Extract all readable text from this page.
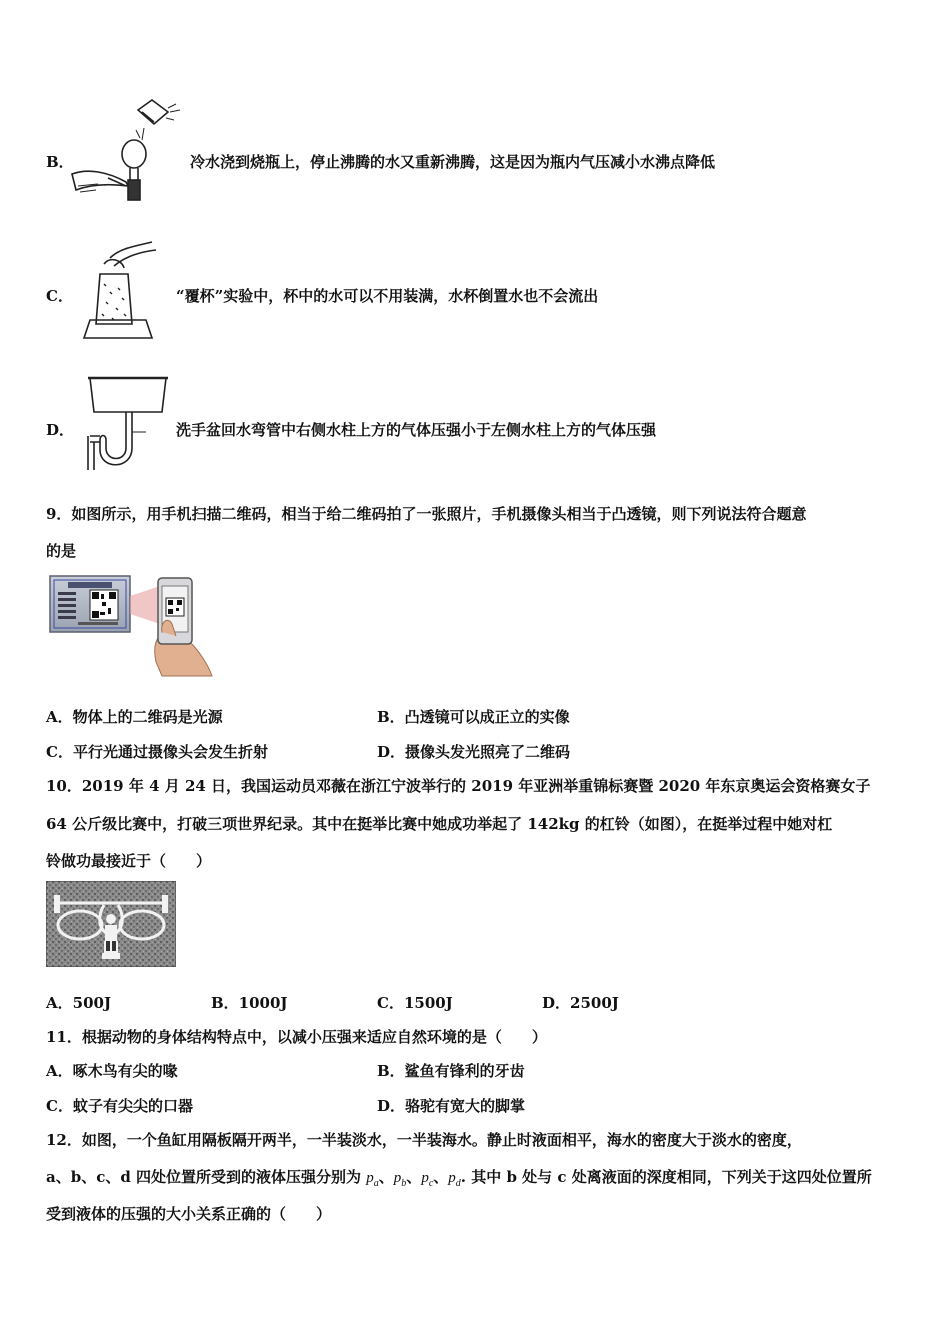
B．	冷水浇到烧瓶上，停止沸腾的水又重新沸腾，这是因为瓶内气压减小水沸点降低
C．	“覆杯”实验中，杯中的水可以不用装满，水杯倒置水也不会流出
D．	洗手盆回水弯管中右侧水柱上方的气体压强小于左侧水柱上方的气体压强
9．如图所示，用手机扫描二维码，相当于给二维码拍了一张照片，手机摄像头相当于凸透镜，则下列说法符合题意
的是
A．物体上的二维码是光源	B．凸透镜可以成正立的实像
C．平行光通过摄像头会发生折射	D．摄像头发光照亮了二维码
10．2019 年 4 月 24 日，我国运动员邓薇在浙江宁波举行的 2019 年亚洲举重锦标赛暨 2020 年东京奥运会资格赛女子
64 公斤级比赛中，打破三项世界纪录。其中在挺举比赛中她成功举起了 142kg 的杠铃（如图），在挺举过程中她对杠
铃做功最接近于（　　）
A．500J	B．1000J	C．1500J	D．2500J
11．根据动物的身体结构特点中，以减小压强来适应自然环境的是（　　）
A．啄木鸟有尖的喙	B．鲨鱼有锋利的牙齿
C．蚊子有尖尖的口器	D．骆驼有宽大的脚掌
12．如图，一个鱼缸用隔板隔开两半，一半装淡水，一半装海水。静止时液面相平，海水的密度大于淡水的密度，
a、b、c、d 四处位置所受到的液体压强分别为 $p_a$、$p_b$、$p_c$、$p_d$. 其中 b 处与 c 处离液面的深度相同，下列关于这四处位置所
受到液体的压强的大小关系正确的（　　）
